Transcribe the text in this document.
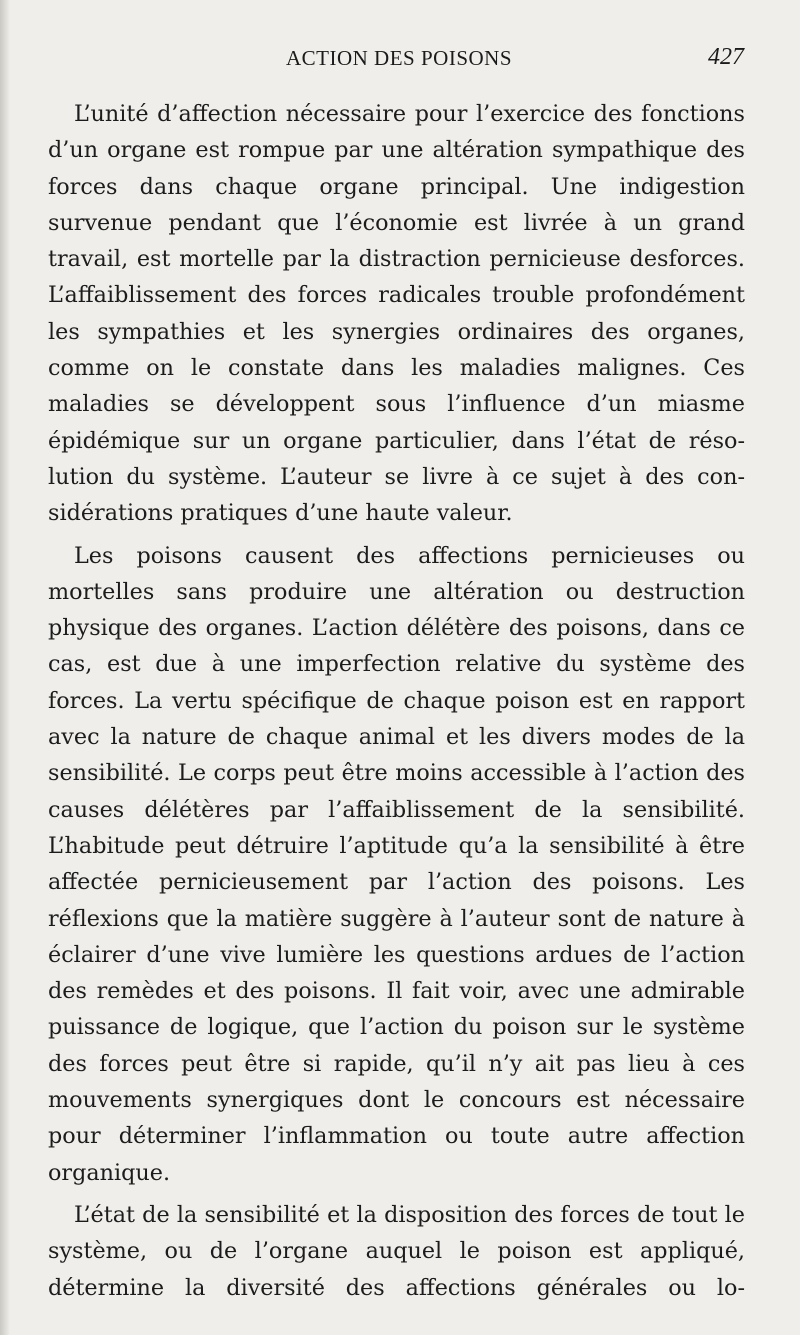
ACTION DES POISONS	427

L’unité d’affection nécessaire pour l’exercice des fonctions d’un organe est rompue par une altération sympathique des forces dans chaque organe principal. Une indigestion survenue pendant que l’économie est livrée à un grand travail, est mortelle par la distraction pernicieuse desforces. L’affaiblissement des forces radicales trouble profondément les sympathies et les synergies ordinaires des organes, comme on le constate dans les maladies malignes. Ces maladies se développent sous l’influence d’un miasme épidémique sur un organe particulier, dans l’état de résolution du système. L’auteur se livre à ce sujet à des considérations pratiques d’une haute valeur.

Les poisons causent des affections pernicieuses ou mortelles sans produire une altération ou destruction physique des organes. L’action délétère des poisons, dans ce cas, est due à une imperfection relative du système des forces. La vertu spécifique de chaque poison est en rapport avec la nature de chaque animal et les divers modes de la sensibilité. Le corps peut être moins accessible à l’action des causes délétères par l’affaiblissement de la sensibilité. L’habitude peut détruire l’aptitude qu’a la sensibilité à être affectée pernicieusement par l’action des poisons. Les réflexions que la matière suggère à l’auteur sont de nature à éclairer d’une vive lumière les questions ardues de l’action des remèdes et des poisons. Il fait voir, avec une admirable puissance de logique, que l’action du poison sur le système des forces peut être si rapide, qu’il n’y ait pas lieu à ces mouvements synergiques dont le concours est nécessaire pour déterminer l’inflammation ou toute autre affection organique.

L’état de la sensibilité et la disposition des forces de tout le système, ou de l’organe auquel le poison est appliqué, détermine la diversité des affections générales ou lo-
